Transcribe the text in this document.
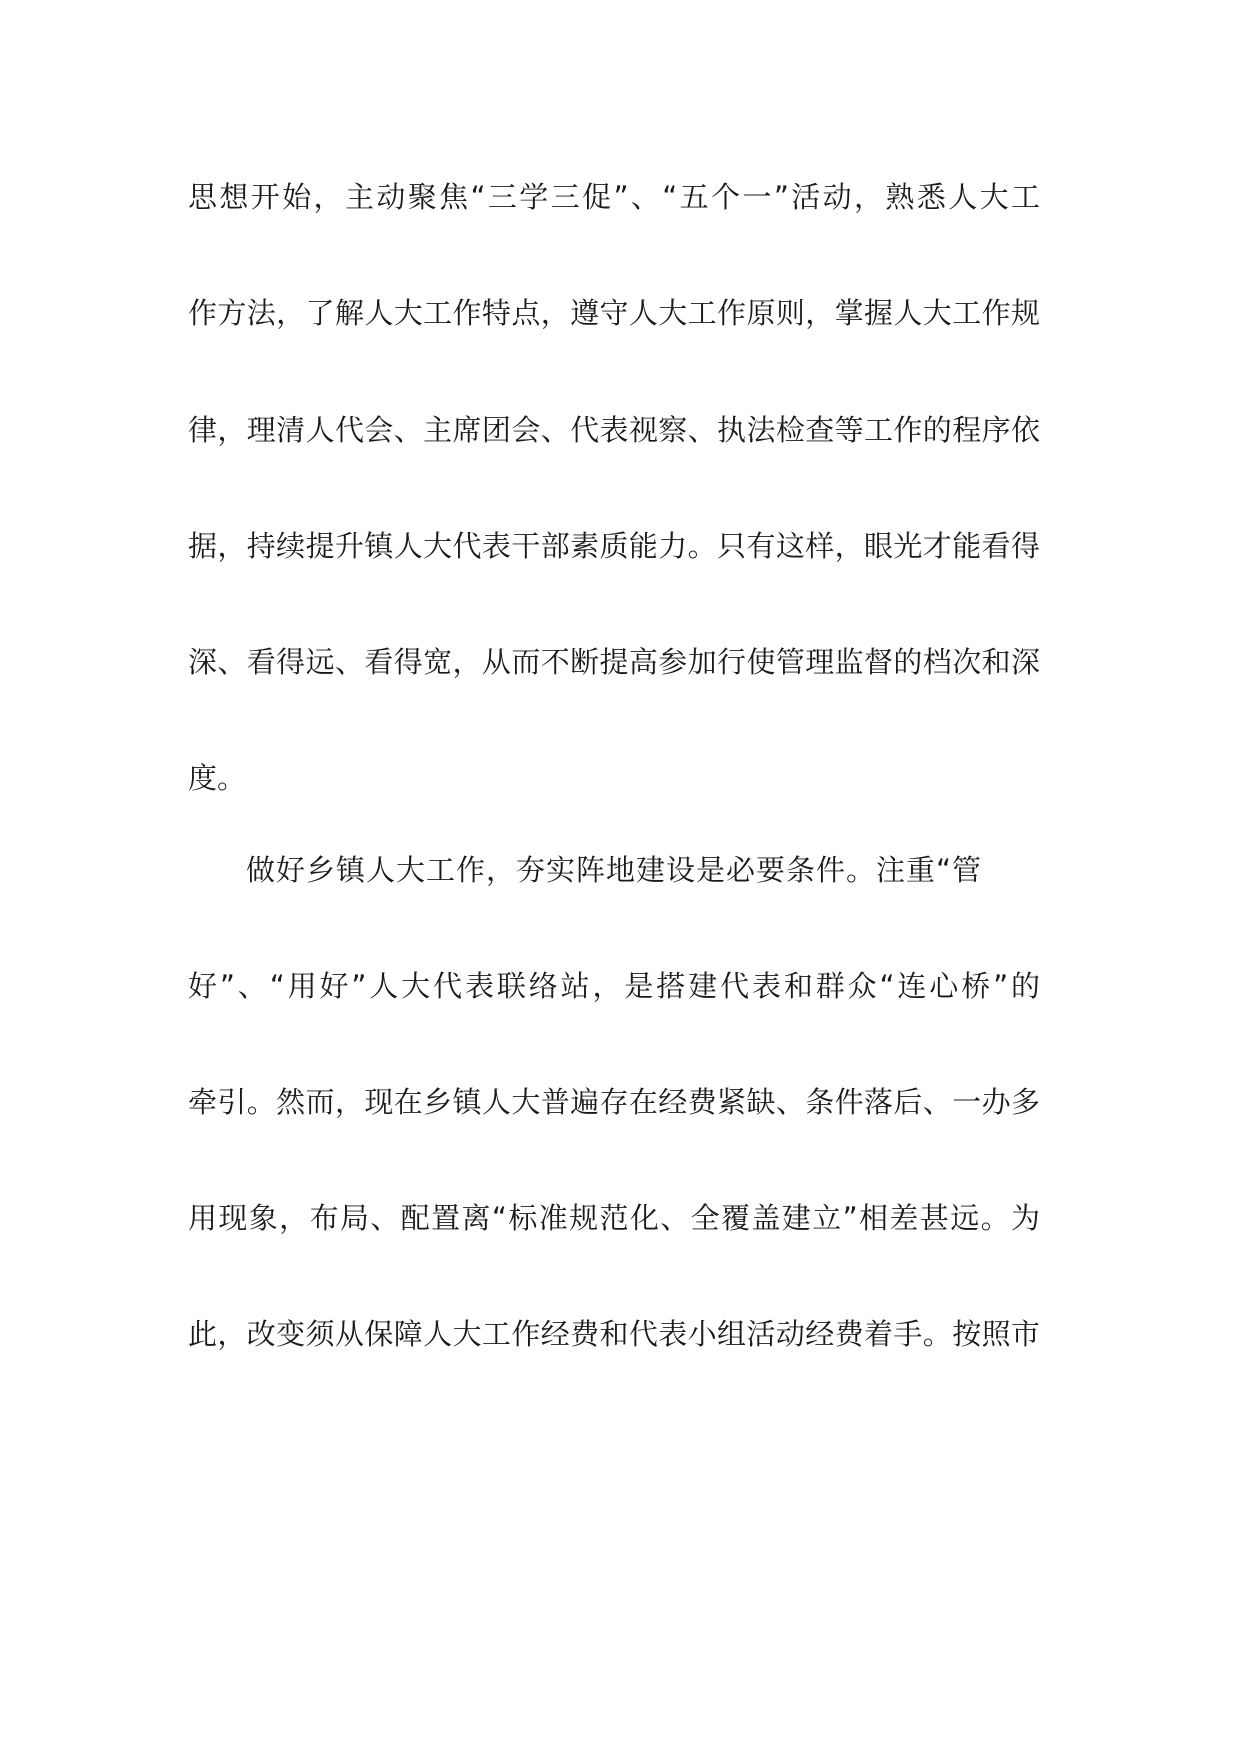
思想开始，主动聚焦“三学三促”、“五个一”活动，熟悉人大工
作方法，了解人大工作特点，遵守人大工作原则，掌握人大工作规
律，理清人代会、主席团会、代表视察、执法检查等工作的程序依
据，持续提升镇人大代表干部素质能力。只有这样，眼光才能看得
深、看得远、看得宽，从而不断提高参加行使管理监督的档次和深
度。
做好乡镇人大工作，夯实阵地建设是必要条件。注重“管
好”、“用好”人大代表联络站，是搭建代表和群众“连心桥”的
牵引。然而，现在乡镇人大普遍存在经费紧缺、条件落后、一办多
用现象，布局、配置离“标准规范化、全覆盖建立”相差甚远。为
此，改变须从保障人大工作经费和代表小组活动经费着手。按照市
